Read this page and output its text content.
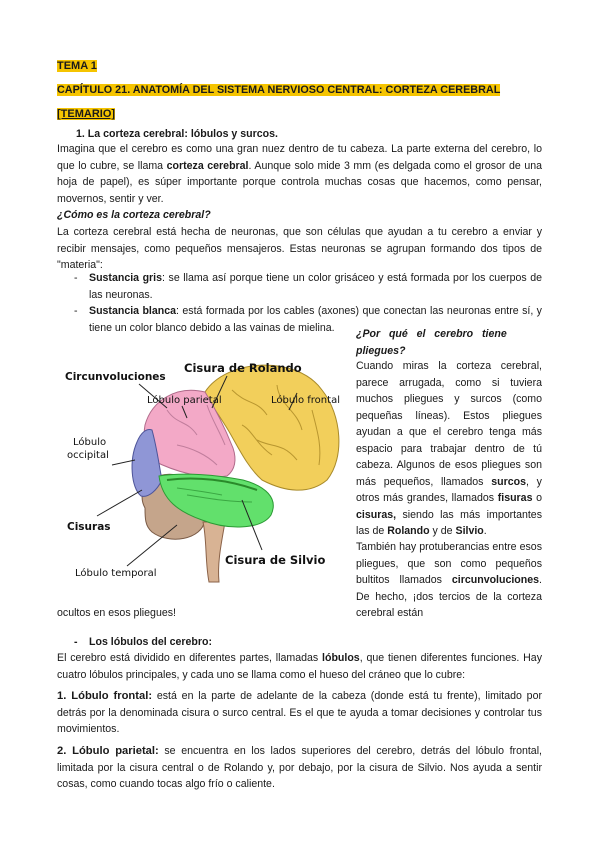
TEMA 1
CAPÍTULO 21. ANATOMÍA DEL SISTEMA NERVIOSO CENTRAL: CORTEZA CEREBRAL
[TEMARIO]
1. La corteza cerebral: lóbulos y surcos.

Imagina que el cerebro es como una gran nuez dentro de tu cabeza. La parte externa del cerebro, lo que lo cubre, se llama corteza cerebral. Aunque solo mide 3 mm (es delgada como el grosor de una hoja de papel), es súper importante porque controla muchas cosas que hacemos, como pensar, movernos, sentir y ver.

¿Cómo es la corteza cerebral?

La corteza cerebral está hecha de neuronas, que son células que ayudan a tu cerebro a enviar y recibir mensajes, como pequeños mensajeros. Estas neuronas se agrupan formando dos tipos de "materia":

- Sustancia gris: se llama así porque tiene un color grisáceo y está formada por los cuerpos de las neuronas.
- Sustancia blanca: está formada por los cables (axones) que conectan las neuronas entre sí, y tiene un color blanco debido a las vainas de mielina.
Circunvoluciones
Cisura de Rolando
Lóbulo parietal	Lóbulo frontal
Lóbulo
occipital
Cisuras
Cisura de Silvio
Lóbulo temporal
¿Por   qué   el   cerebro   tiene
pliegues?

Cuando miras la corteza cerebral, parece arrugada, como si tuviera muchos pliegues y surcos (como pequeñas líneas). Estos pliegues ayudan a que el cerebro tenga más espacio para trabajar dentro de tú cabeza. Algunos de esos pliegues son más pequeños, llamados surcos, y otros más grandes, llamados fisuras o cisuras, siendo las más importantes las de Rolando y de Silvio.

También hay protuberancias entre esos pliegues, que son como pequeños bultitos llamados circunvoluciones. De hecho, ¡dos tercios de la corteza cerebral están

ocultos en esos pliegues!
- Los lóbulos del cerebro:

El cerebro está dividido en diferentes partes, llamadas lóbulos, que tienen diferentes funciones. Hay cuatro lóbulos principales, y cada uno se llama como el hueso del cráneo que lo cubre:

1. Lóbulo frontal: está en la parte de adelante de la cabeza (donde está tu frente), limitado por detrás por la denominada cisura o surco central. Es el que te ayuda a tomar decisiones y controlar tus movimientos.

2. Lóbulo parietal: se encuentra en los lados superiores del cerebro, detrás del lóbulo frontal, limitada por la cisura central o de Rolando y, por debajo, por la cisura de Silvio. Nos ayuda a sentir cosas, como cuando tocas algo frío o caliente.
